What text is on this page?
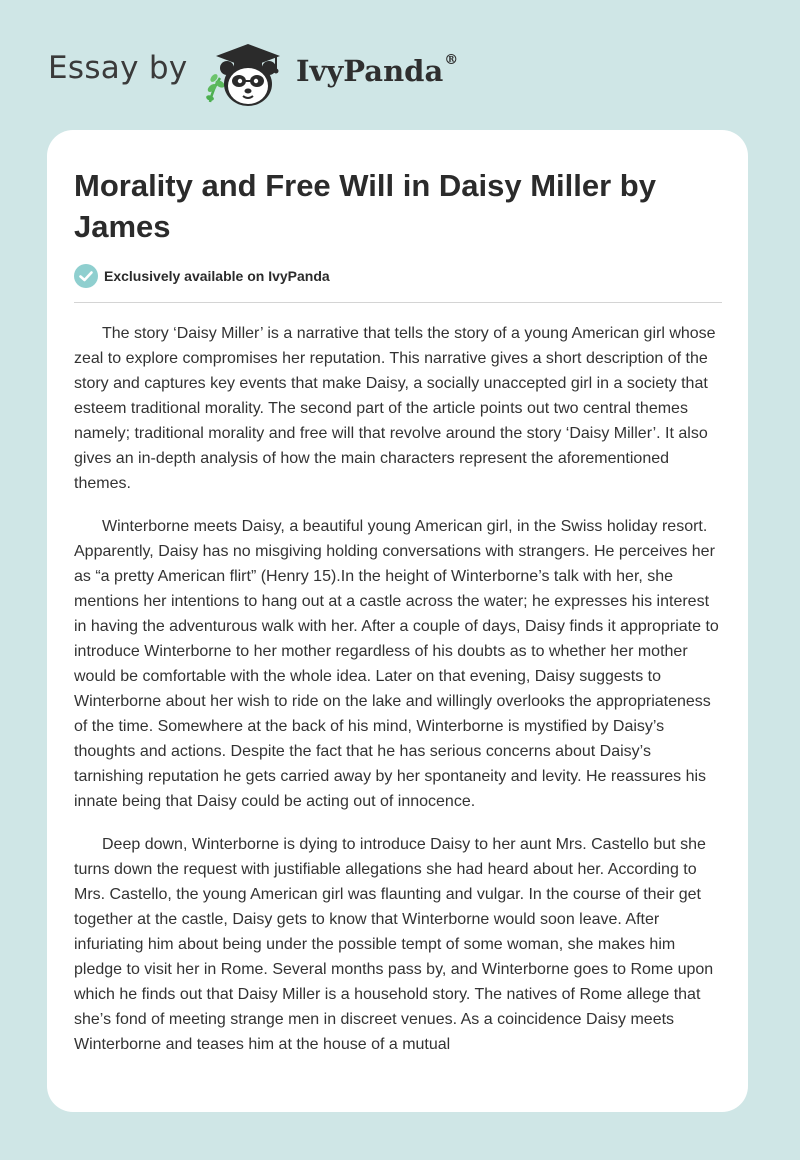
Essay by	IvyPanda®
Morality and Free Will in Daisy Miller by James
Exclusively available on IvyPanda

The story ‘Daisy Miller’ is a narrative that tells the story of a young American girl whose zeal to explore compromises her reputation. This narrative gives a short description of the story and captures key events that make Daisy, a socially unaccepted girl in a society that esteem traditional morality. The second part of the article points out two central themes namely; traditional morality and free will that revolve around the story ‘Daisy Miller’. It also gives an in-depth analysis of how the main characters represent the aforementioned themes.

Winterborne meets Daisy, a beautiful young American girl, in the Swiss holiday resort. Apparently, Daisy has no misgiving holding conversations with strangers. He perceives her as “a pretty American flirt” (Henry 15).In the height of Winterborne’s talk with her, she mentions her intentions to hang out at a castle across the water; he expresses his interest in having the adventurous walk with her. After a couple of days, Daisy finds it appropriate to introduce Winterborne to her mother regardless of his doubts as to whether her mother would be comfortable with the whole idea. Later on that evening, Daisy suggests to Winterborne about her wish to ride on the lake and willingly overlooks the appropriateness of the time. Somewhere at the back of his mind, Winterborne is mystified by Daisy’s thoughts and actions. Despite the fact that he has serious concerns about Daisy’s tarnishing reputation he gets carried away by her spontaneity and levity. He reassures his innate being that Daisy could be acting out of innocence.

Deep down, Winterborne is dying to introduce Daisy to her aunt Mrs. Castello but she turns down the request with justifiable allegations she had heard about her. According to Mrs. Castello, the young American girl was flaunting and vulgar. In the course of their get together at the castle, Daisy gets to know that Winterborne would soon leave. After infuriating him about being under the possible tempt of some woman, she makes him pledge to visit her in Rome. Several months pass by, and Winterborne goes to Rome upon which he finds out that Daisy Miller is a household story. The natives of Rome allege that she’s fond of meeting strange men in discreet venues. As a coincidence Daisy meets Winterborne and teases him at the house of a mutual
